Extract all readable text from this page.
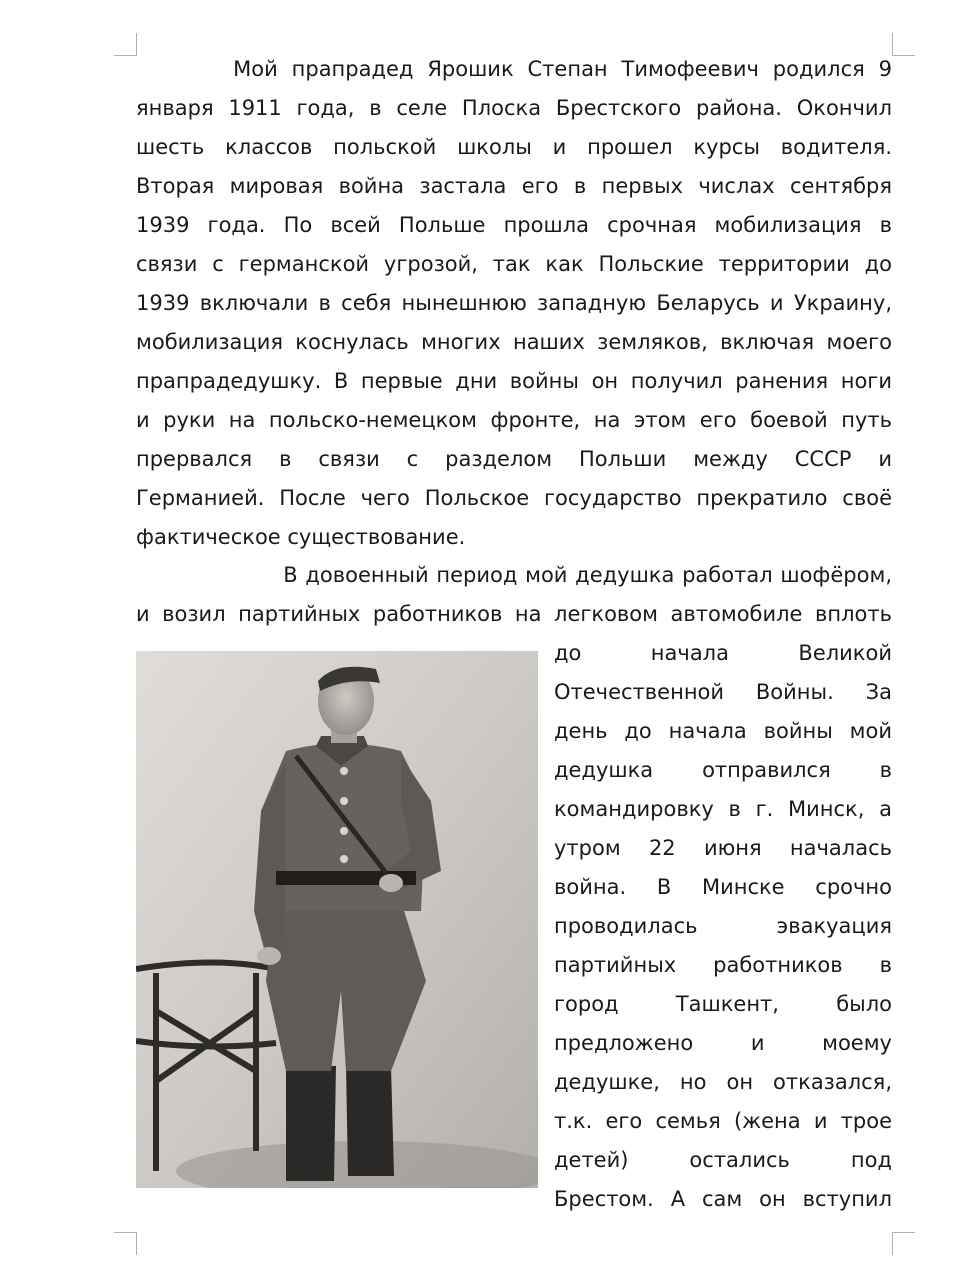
Мой прапрадед Ярошик Степан Тимофеевич родился 9
января 1911 года, в селе Плоска Брестского района. Окончил
шесть классов польской школы и прошел курсы водителя.
Вторая мировая война застала его в первых числах сентября
1939 года. По всей Польше прошла срочная мобилизация в
связи с германской угрозой, так как Польские территории до
1939 включали в себя нынешнюю западную Беларусь и Украину,
мобилизация коснулась многих наших земляков, включая моего
прапрадедушку. В первые дни войны он получил ранения ноги
и руки на польско-немецком фронте, на этом его боевой путь
прервался в связи с разделом Польши между СССР и
Германией. После чего Польское государство прекратило своё
фактическое существование.
В довоенный период мой дедушка работал шофёром,
и возил партийных работников на легковом автомобиле вплоть
до начала Великой
Отечественной Войны. За
день до начала войны мой
дедушка отправился в
командировку в г. Минск, а
утром 22 июня началась
война. В Минске срочно
проводилась эвакуация
партийных работников в
город Ташкент, было
предложено и моему
дедушке, но он отказался,
т.к. его семья (жена и трое
детей) остались под
Брестом. А сам он вступил
